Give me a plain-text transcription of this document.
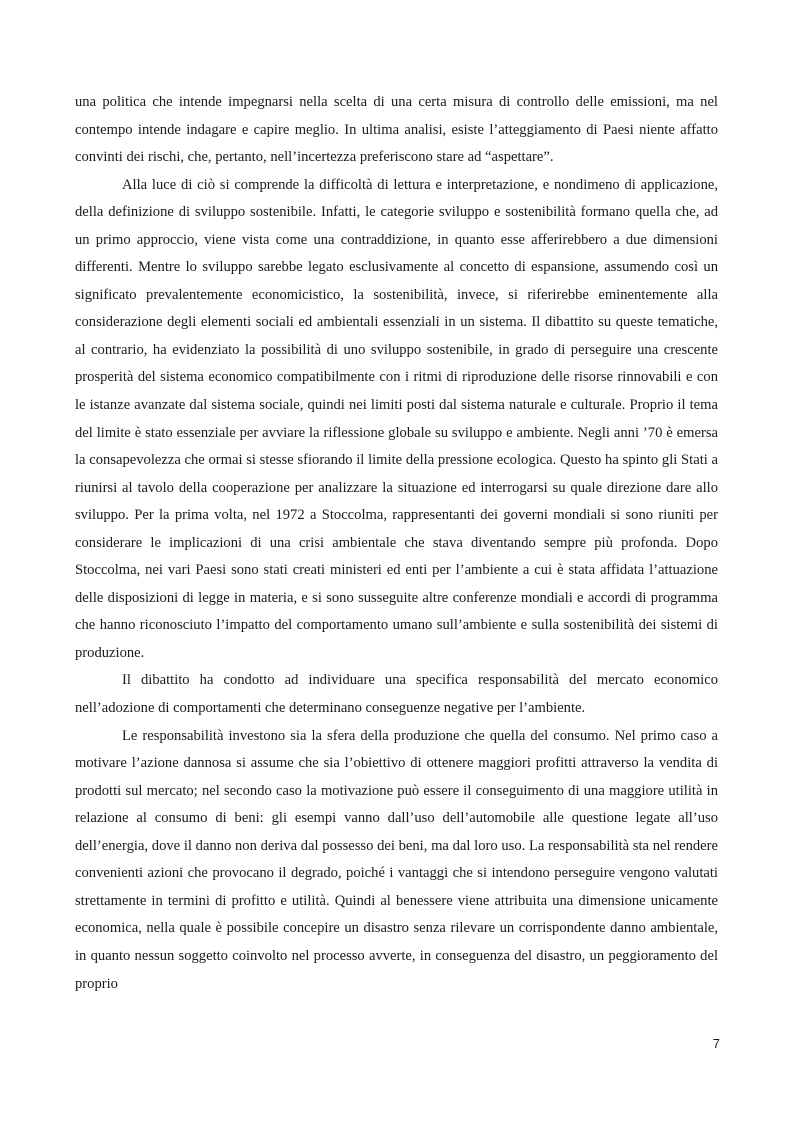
una politica che intende impegnarsi nella scelta di una certa misura di controllo delle emissioni, ma nel contempo intende indagare e capire meglio. In ultima analisi, esiste l’atteggiamento di Paesi niente affatto convinti dei rischi, che, pertanto, nell’incertezza preferiscono stare ad “aspettare”.

Alla luce di ciò si comprende la difficoltà di lettura e interpretazione, e nondimeno di applicazione, della definizione di sviluppo sostenibile. Infatti, le categorie sviluppo e sostenibilità formano quella che, ad un primo approccio, viene vista come una contraddizione, in quanto esse afferirebbero a due dimensioni differenti. Mentre lo sviluppo sarebbe legato esclusivamente al concetto di espansione, assumendo così un significato prevalentemente economicistico, la sostenibilità, invece, si riferirebbe eminentemente alla considerazione degli elementi sociali ed ambientali essenziali in un sistema. Il dibattito su queste tematiche, al contrario, ha evidenziato la possibilità di uno sviluppo sostenibile, in grado di perseguire una crescente prosperità del sistema economico compatibilmente con i ritmi di riproduzione delle risorse rinnovabili e con le istanze avanzate dal sistema sociale, quindi nei limiti posti dal sistema naturale e culturale. Proprio il tema del limite è stato essenziale per avviare la riflessione globale su sviluppo e ambiente. Negli anni ’70 è emersa la consapevolezza che ormai si stesse sfiorando il limite della pressione ecologica. Questo ha spinto gli Stati a riunirsi al tavolo della cooperazione per analizzare la situazione ed interrogarsi su quale direzione dare allo sviluppo. Per la prima volta, nel 1972 a Stoccolma, rappresentanti dei governi mondiali si sono riuniti per considerare le implicazioni di una crisi ambientale che stava diventando sempre più profonda. Dopo Stoccolma, nei vari Paesi sono stati creati ministeri ed enti per l’ambiente a cui è stata affidata l’attuazione delle disposizioni di legge in materia, e si sono susseguite altre conferenze mondiali e accordi di programma che hanno riconosciuto l’impatto del comportamento umano sull’ambiente e sulla sostenibilità dei sistemi di produzione.

Il dibattito ha condotto ad individuare una specifica responsabilità del mercato economico nell’adozione di comportamenti che determinano conseguenze negative per l’ambiente.

Le responsabilità investono sia la sfera della produzione che quella del consumo. Nel primo caso a motivare l’azione dannosa si assume che sia l’obiettivo di ottenere maggiori profitti attraverso la vendita di prodotti sul mercato; nel secondo caso la motivazione può essere il conseguimento di una maggiore utilità in relazione al consumo di beni: gli esempi vanno dall’uso dell’automobile alle questione legate all’uso dell’energia, dove il danno non deriva dal possesso dei beni, ma dal loro uso. La responsabilità sta nel rendere convenienti azioni che provocano il degrado, poiché i vantaggi che si intendono perseguire vengono valutati strettamente in termini di profitto e utilità. Quindi al benessere viene attribuita una dimensione unicamente economica, nella quale è possibile concepire un disastro senza rilevare un corrispondente danno ambientale, in quanto nessun soggetto coinvolto nel processo avverte, in conseguenza del disastro, un peggioramento del proprio

7
